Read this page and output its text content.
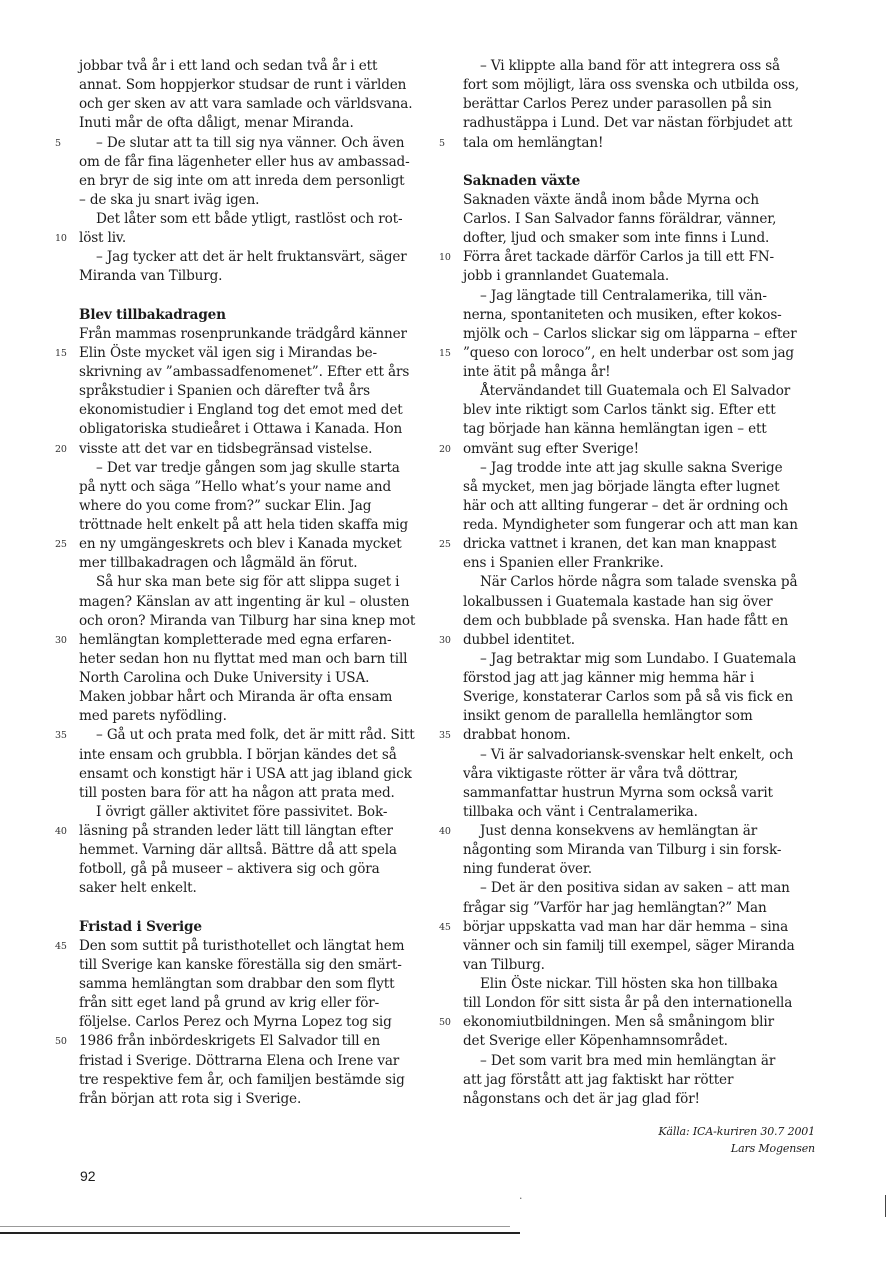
jobbar två år i ett land och sedan två år i ett
annat. Som hoppjerkor studsar de runt i världen
och ger sken av att vara samlade och världsvana.
Inuti mår de ofta dåligt, menar Miranda.
5	– De slutar att ta till sig nya vänner. Och även
om de får fina lägenheter eller hus av ambassad-
en bryr de sig inte om att inreda dem personligt
– de ska ju snart iväg igen.
Det låter som ett både ytligt, rastlöst och rot-
10 löst liv.
– Jag tycker att det är helt fruktansvärt, säger
Miranda van Tilburg.
Blev tillbakadragen
Från mammas rosenprunkande trädgård känner
15 Elin Öste mycket väl igen sig i Mirandas be-
skrivning av ”ambassadfenomenet”. Efter ett års
språkstudier i Spanien och därefter två års
ekonomistudier i England tog det emot med det
obligatoriska studieåret i Ottawa i Kanada. Hon
20 visste att det var en tidsbegränsad vistelse.
– Det var tredje gången som jag skulle starta
på nytt och säga ”Hello what’s your name and
where do you come from?” suckar Elin. Jag
tröttnade helt enkelt på att hela tiden skaffa mig
25 en ny umgängeskrets och blev i Kanada mycket
mer tillbakadragen och lågmäld än förut.
Så hur ska man bete sig för att slippa suget i
magen? Känslan av att ingenting är kul – olusten
och oron? Miranda van Tilburg har sina knep mot
30 hemlängtan kompletterade med egna erfaren-
heter sedan hon nu flyttat med man och barn till
North Carolina och Duke University i USA.
Maken jobbar hårt och Miranda är ofta ensam
med parets nyfödling.
35	– Gå ut och prata med folk, det är mitt råd. Sitt
inte ensam och grubbla. I början kändes det så
ensamt och konstigt här i USA att jag ibland gick
till posten bara för att ha någon att prata med.
I övrigt gäller aktivitet före passivitet. Bok-
40 läsning på stranden leder lätt till längtan efter
hemmet. Varning där alltså. Bättre då att spela
fotboll, gå på museer – aktivera sig och göra
saker helt enkelt.
Fristad i Sverige
45 Den som suttit på turisthotellet och längtat hem
till Sverige kan kanske föreställa sig den smärt-
samma hemlängtan som drabbar den som flytt
från sitt eget land på grund av krig eller för-
följelse. Carlos Perez och Myrna Lopez tog sig
50 1986 från inbördeskrigets El Salvador till en
fristad i Sverige. Döttrarna Elena och Irene var
tre respektive fem år, och familjen bestämde sig
från början att rota sig i Sverige.
– Vi klippte alla band för att integrera oss så
fort som möjligt, lära oss svenska och utbilda oss,
berättar Carlos Perez under parasollen på sin
radhustäppa i Lund. Det var nästan förbjudet att
5	tala om hemlängtan!
Saknaden växte
Saknaden växte ändå inom både Myrna och
Carlos. I San Salvador fanns föräldrar, vänner,
dofter, ljud och smaker som inte finns i Lund.
10 Förra året tackade därför Carlos ja till ett FN-
jobb i grannlandet Guatemala.
– Jag längtade till Centralamerika, till vän-
nerna, spontaniteten och musiken, efter kokos-
mjölk och – Carlos slickar sig om läpparna – efter
15 ”queso con loroco”, en helt underbar ost som jag
inte ätit på många år!
Återvändandet till Guatemala och El Salvador
blev inte riktigt som Carlos tänkt sig. Efter ett
tag började han känna hemlängtan igen – ett
20 omvänt sug efter Sverige!
– Jag trodde inte att jag skulle sakna Sverige
så mycket, men jag började längta efter lugnet
här och att allting fungerar – det är ordning och
reda. Myndigheter som fungerar och att man kan
25 dricka vattnet i kranen, det kan man knappast
ens i Spanien eller Frankrike.
När Carlos hörde några som talade svenska på
lokalbussen i Guatemala kastade han sig över
dem och bubblade på svenska. Han hade fått en
30 dubbel identitet.
– Jag betraktar mig som Lundabo. I Guatemala
förstod jag att jag känner mig hemma här i
Sverige, konstaterar Carlos som på så vis fick en
insikt genom de parallella hemlängtor som
35 drabbat honom.
– Vi är salvadoriansk-svenskar helt enkelt, och
våra viktigaste rötter är våra två döttrar,
sammanfattar hustrun Myrna som också varit
tillbaka och vänt i Centralamerika.
40	Just denna konsekvens av hemlängtan är
någonting som Miranda van Tilburg i sin forsk-
ning funderat över.
– Det är den positiva sidan av saken – att man
frågar sig ”Varför har jag hemlängtan?” Man
45 börjar uppskatta vad man har där hemma – sina
vänner och sin familj till exempel, säger Miranda
van Tilburg.
Elin Öste nickar. Till hösten ska hon tillbaka
till London för sitt sista år på den internationella
50 ekonomiutbildningen. Men så småningom blir
det Sverige eller Köpenhamnsområdet.
– Det som varit bra med min hemlängtan är
att jag förstått att jag faktiskt har rötter
någonstans och det är jag glad för!
Källa: ICA-kuriren 30.7 2001
Lars Mogensen
92
·
